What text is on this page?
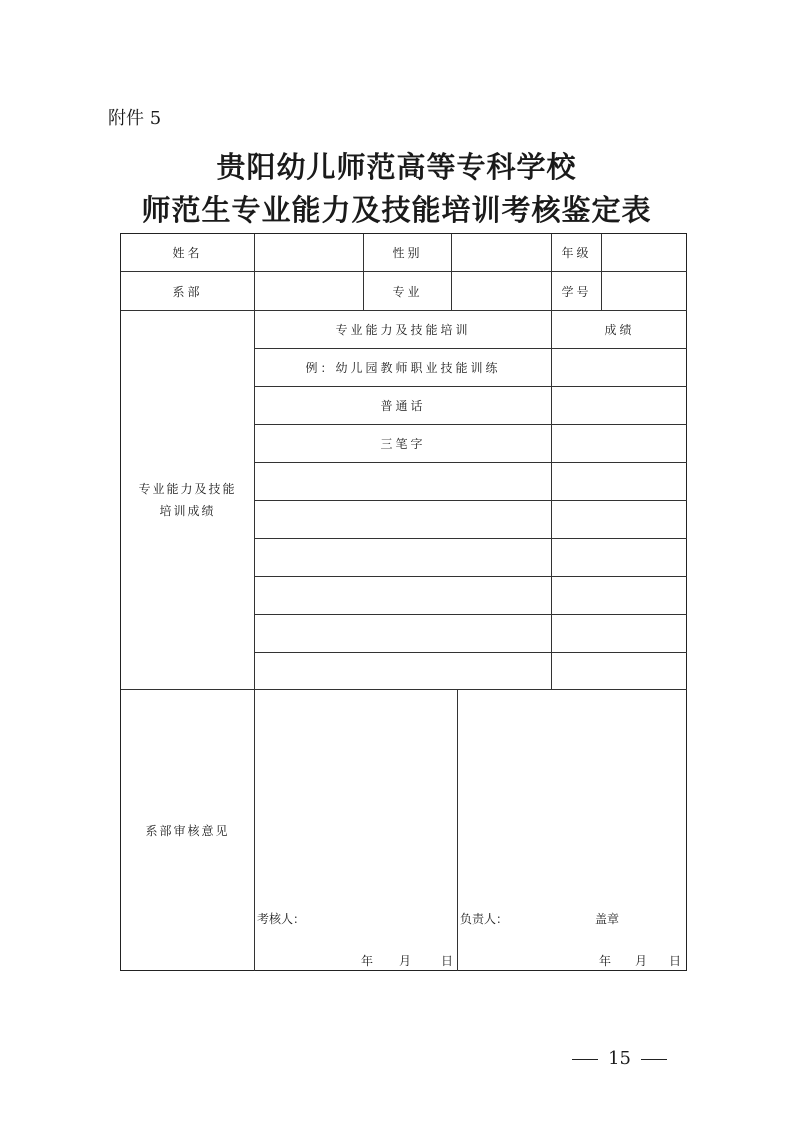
附件 5
贵阳幼儿师范高等专科学校
师范生专业能力及技能培训考核鉴定表
姓名	性别	年级
系部	专业	学号
专业能力及技能
培训成绩
专业能力及技能培训	成绩
例：幼儿园教师职业技能训练
普通话
三笔字
系部审核意见
考核人：
年 月 日
负责人：	盖章
年 月 日
15
